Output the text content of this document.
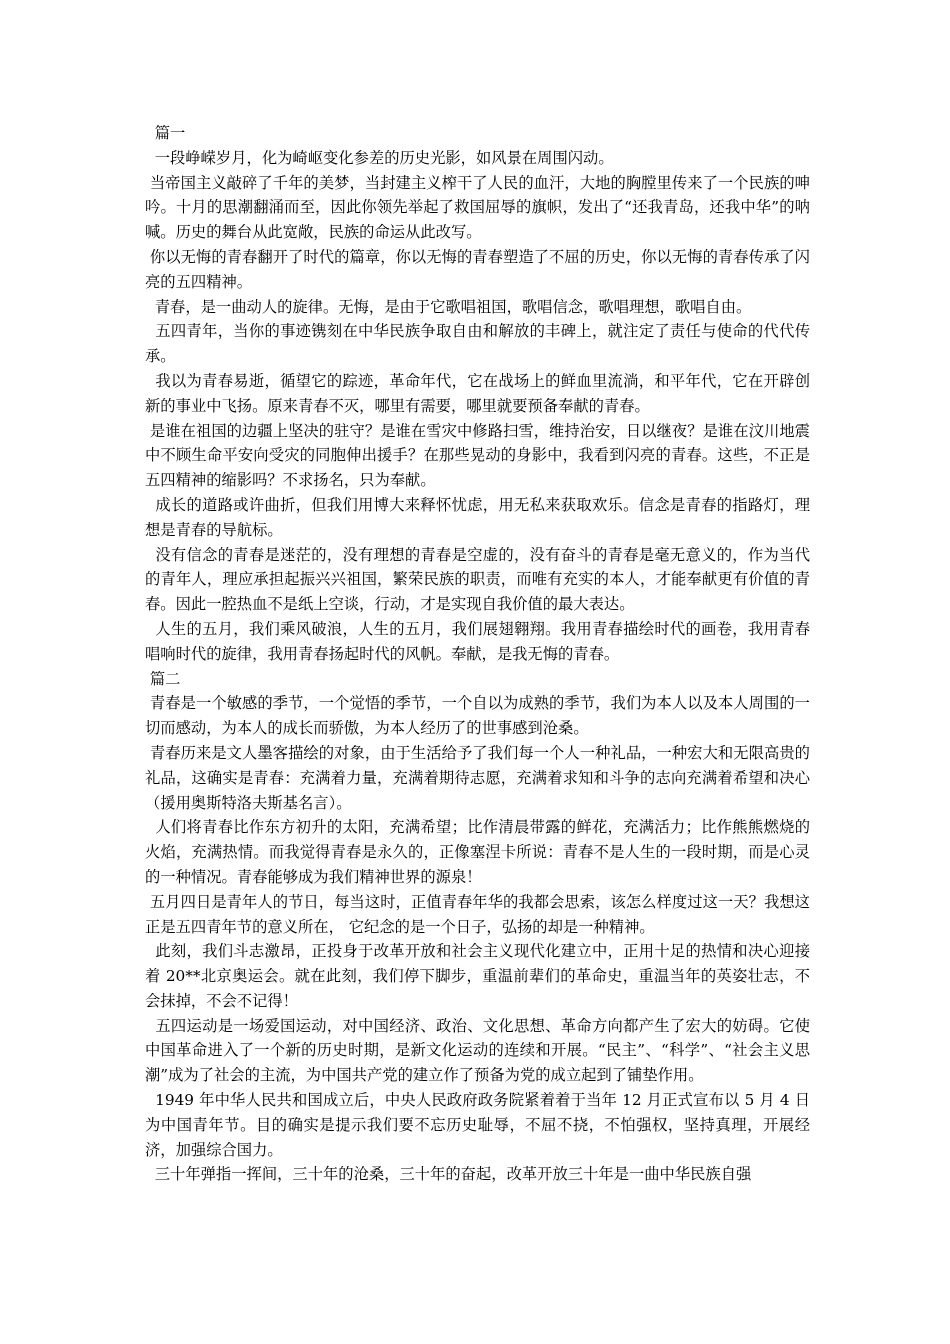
篇一

一段峥嵘岁月，化为崎岖变化参差的历史光影，如风景在周围闪动。

当帝国主义敲碎了千年的美梦，当封建主义榨干了人民的血汗，大地的胸膛里传来了一个民族的呻吟。十月的思潮翻涌而至，因此你领先举起了救国屈辱的旗帜，发出了“还我青岛，还我中华”的呐喊。历史的舞台从此宽敞，民族的命运从此改写。

你以无悔的青春翻开了时代的篇章，你以无悔的青春塑造了不屈的历史，你以无悔的青春传承了闪亮的五四精神。

青春，是一曲动人的旋律。无悔，是由于它歌唱祖国，歌唱信念，歌唱理想，歌唱自由。

五四青年，当你的事迹镌刻在中华民族争取自由和解放的丰碑上，就注定了责任与使命的代代传承。

我以为青春易逝，循望它的踪迹，革命年代，它在战场上的鲜血里流淌，和平年代，它在开辟创新的事业中飞扬。原来青春不灭，哪里有需要，哪里就要预备奉献的青春。

是谁在祖国的边疆上坚决的驻守？是谁在雪灾中修路扫雪，维持治安，日以继夜？是谁在汶川地震中不顾生命平安向受灾的同胞伸出援手？在那些晃动的身影中，我看到闪亮的青春。这些，不正是五四精神的缩影吗？不求扬名，只为奉献。

成长的道路或许曲折，但我们用博大来释怀忧虑，用无私来获取欢乐。信念是青春的指路灯，理想是青春的导航标。

没有信念的青春是迷茫的，没有理想的青春是空虚的，没有奋斗的青春是毫无意义的，作为当代的青年人，理应承担起振兴兴祖国，繁荣民族的职责，而唯有充实的本人，才能奉献更有价值的青春。因此一腔热血不是纸上空谈，行动，才是实现自我价值的最大表达。

人生的五月，我们乘风破浪，人生的五月，我们展翅翱翔。我用青春描绘时代的画卷，我用青春唱响时代的旋律，我用青春扬起时代的风帆。奉献，是我无悔的青春。

篇二

青春是一个敏感的季节，一个觉悟的季节，一个自以为成熟的季节，我们为本人以及本人周围的一切而感动，为本人的成长而骄傲，为本人经历了的世事感到沧桑。

青春历来是文人墨客描绘的对象，由于生活给予了我们每一个人一种礼品，一种宏大和无限高贵的礼品，这确实是青春：充满着力量，充满着期待志愿，充满着求知和斗争的志向充满着希望和决心（援用奥斯特洛夫斯基名言）。

人们将青春比作东方初升的太阳，充满希望；比作清晨带露的鲜花，充满活力；比作熊熊燃烧的火焰，充满热情。而我觉得青春是永久的，正像塞涅卡所说：青春不是人生的一段时期，而是心灵的一种情况。青春能够成为我们精神世界的源泉！

五月四日是青年人的节日，每当这时，正值青春年华的我都会思索，该怎么样度过这一天？我想这正是五四青年节的意义所在， 它纪念的是一个日子，弘扬的却是一种精神。

此刻，我们斗志激昂，正投身于改革开放和社会主义现代化建立中，正用十足的热情和决心迎接着 20**北京奥运会。就在此刻，我们停下脚步，重温前辈们的革命史，重温当年的英姿壮志，不会抹掉，不会不记得！

五四运动是一场爱国运动，对中国经济、政治、文化思想、革命方向都产生了宏大的妨碍。它使中国革命进入了一个新的历史时期，是新文化运动的连续和开展。“民主”、“科学”、“社会主义思潮”成为了社会的主流，为中国共产党的建立作了预备为党的成立起到了铺垫作用。

1949 年中华人民共和国成立后，中央人民政府政务院紧着着于当年 12 月正式宣布以 5 月 4 日为中国青年节。目的确实是提示我们要不忘历史耻辱，不屈不挠，不怕强权，坚持真理，开展经济，加强综合国力。

三十年弹指一挥间，三十年的沧桑，三十年的奋起，改革开放三十年是一曲中华民族自强
